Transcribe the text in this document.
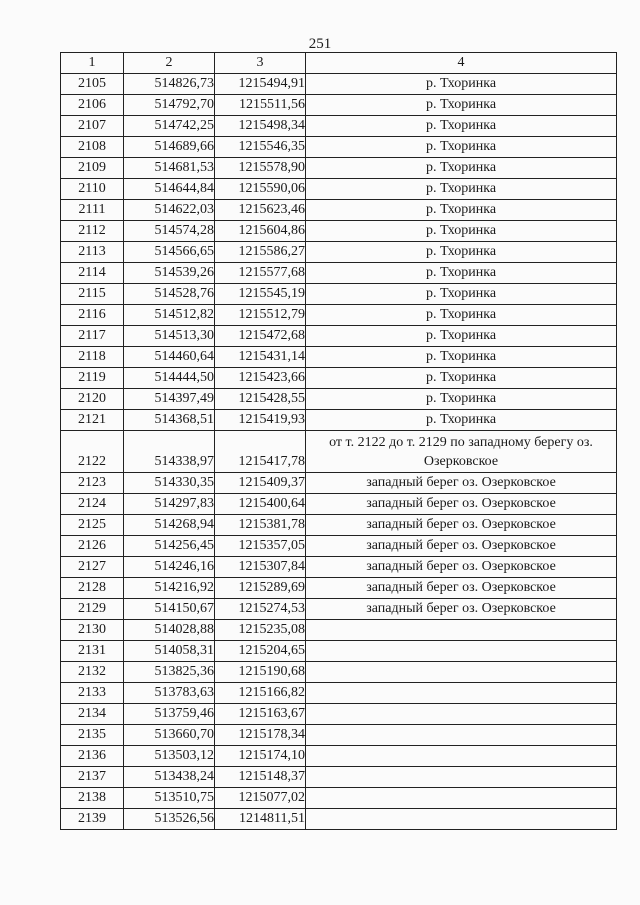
251
1	2	3	4
2105	514826,73	1215494,91	р. Тхоринка
2106	514792,70	1215511,56	р. Тхоринка
2107	514742,25	1215498,34	р. Тхоринка
2108	514689,66	1215546,35	р. Тхоринка
2109	514681,53	1215578,90	р. Тхоринка
2110	514644,84	1215590,06	р. Тхоринка
2111	514622,03	1215623,46	р. Тхоринка
2112	514574,28	1215604,86	р. Тхоринка
2113	514566,65	1215586,27	р. Тхоринка
2114	514539,26	1215577,68	р. Тхоринка
2115	514528,76	1215545,19	р. Тхоринка
2116	514512,82	1215512,79	р. Тхоринка
2117	514513,30	1215472,68	р. Тхоринка
2118	514460,64	1215431,14	р. Тхоринка
2119	514444,50	1215423,66	р. Тхоринка
2120	514397,49	1215428,55	р. Тхоринка
2121	514368,51	1215419,93	р. Тхоринка
2122	514338,97	1215417,78	от т. 2122 до т. 2129 по западному берегу оз. Озерковское
2123	514330,35	1215409,37	западный берег оз. Озерковское
2124	514297,83	1215400,64	западный берег оз. Озерковское
2125	514268,94	1215381,78	западный берег оз. Озерковское
2126	514256,45	1215357,05	западный берег оз. Озерковское
2127	514246,16	1215307,84	западный берег оз. Озерковское
2128	514216,92	1215289,69	западный берег оз. Озерковское
2129	514150,67	1215274,53	западный берег оз. Озерковское
2130	514028,88	1215235,08	
2131	514058,31	1215204,65	
2132	513825,36	1215190,68	
2133	513783,63	1215166,82	
2134	513759,46	1215163,67	
2135	513660,70	1215178,34	
2136	513503,12	1215174,10	
2137	513438,24	1215148,37	
2138	513510,75	1215077,02	
2139	513526,56	1214811,51	
